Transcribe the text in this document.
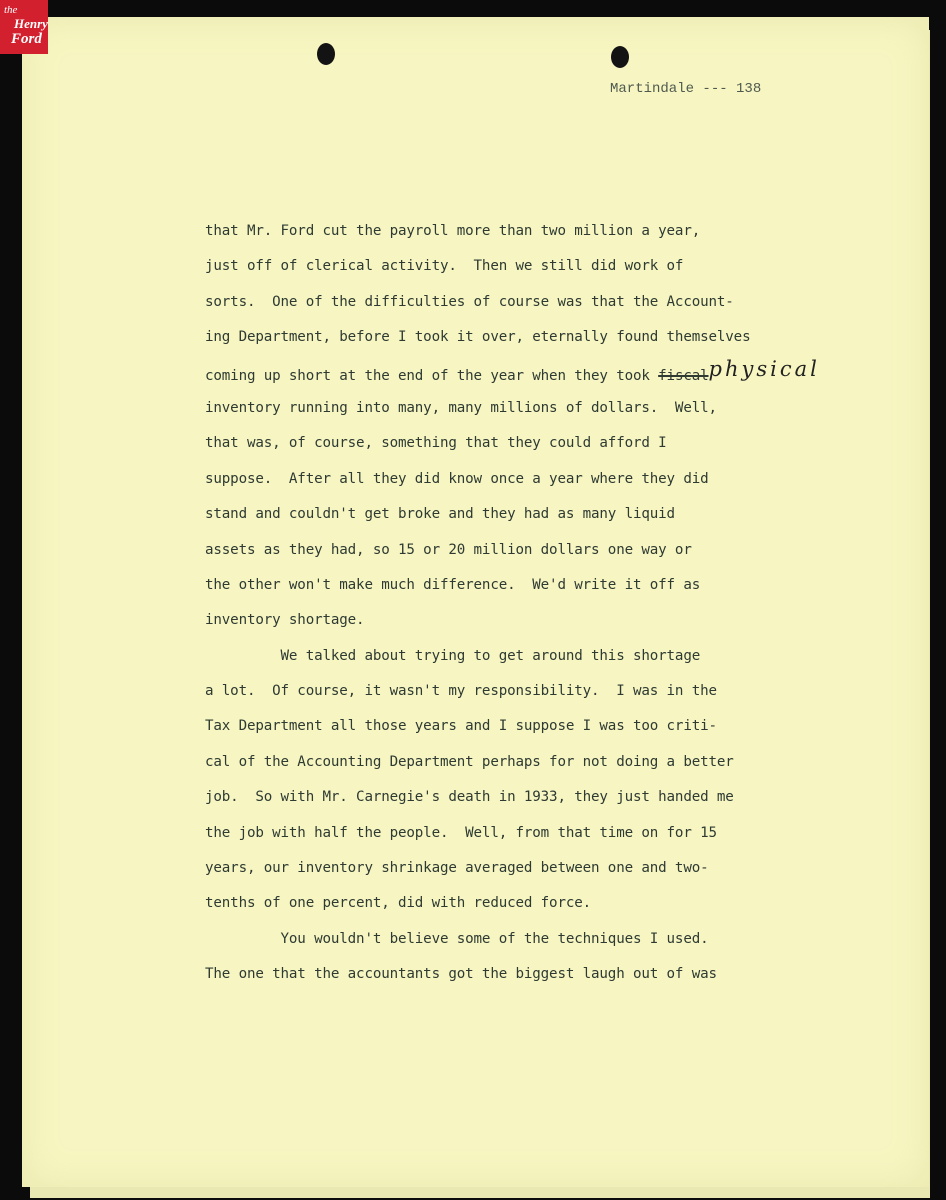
the
Henry
Ford
Martindale --- 138
that Mr. Ford cut the payroll more than two million a year,
just off of clerical activity.  Then we still did work of
sorts.  One of the difficulties of course was that the Account-
ing Department, before I took it over, eternally found themselves
coming up short at the end of the year when they took fiscalphysical
inventory running into many, many millions of dollars.  Well,
that was, of course, something that they could afford I
suppose.  After all they did know once a year where they did
stand and couldn't get broke and they had as many liquid
assets as they had, so 15 or 20 million dollars one way or
the other won't make much difference.  We'd write it off as
inventory shortage.
We talked about trying to get around this shortage
a lot.  Of course, it wasn't my responsibility.  I was in the
Tax Department all those years and I suppose I was too criti-
cal of the Accounting Department perhaps for not doing a better
job.  So with Mr. Carnegie's death in 1933, they just handed me
the job with half the people.  Well, from that time on for 15
years, our inventory shrinkage averaged between one and two-
tenths of one percent, did with reduced force.
You wouldn't believe some of the techniques I used.
The one that the accountants got the biggest laugh out of was
